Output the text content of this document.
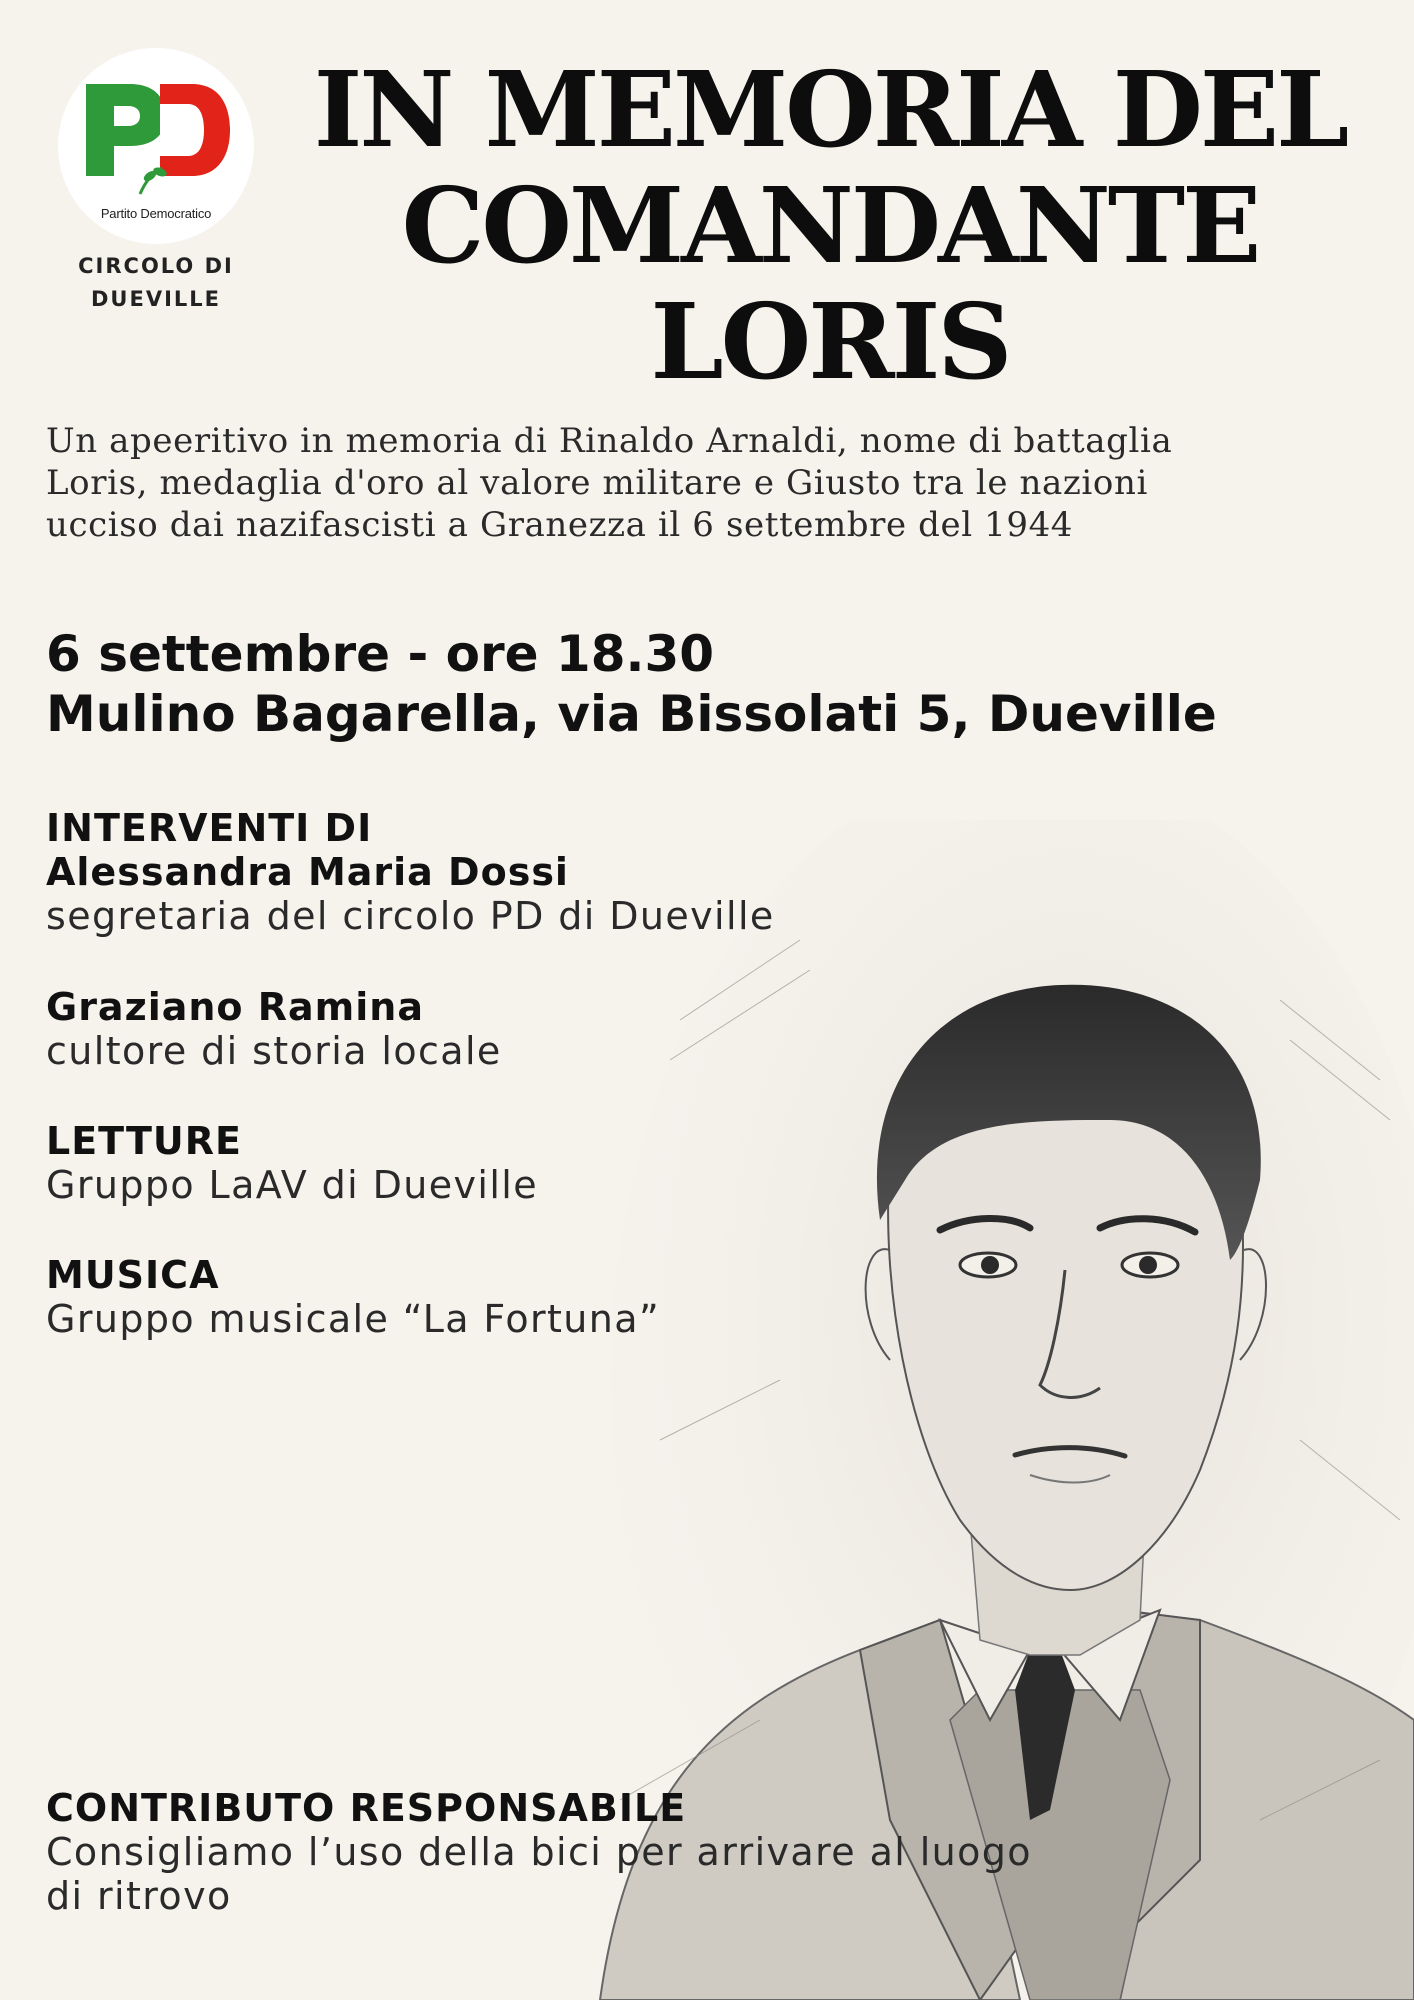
Partito Democratico
CIRCOLO DI
DUEVILLE
IN MEMORIA DEL
COMANDANTE
LORIS

Un apeeritivo in memoria di Rinaldo Arnaldi, nome di battaglia
Loris, medaglia d'oro al valore militare e Giusto tra le nazioni
ucciso dai nazifascisti a Granezza il 6 settembre del 1944

6 settembre - ore 18.30
Mulino Bagarella, via Bissolati 5, Dueville
INTERVENTI DI
Alessandra Maria Dossi
segretaria del circolo PD di Dueville
Graziano Ramina
cultore di storia locale
LETTURE
Gruppo LaAV di Dueville
MUSICA
Gruppo musicale “La Fortuna”
CONTRIBUTO RESPONSABILE
Consigliamo l’uso della bici per arrivare al luogo
di ritrovo
